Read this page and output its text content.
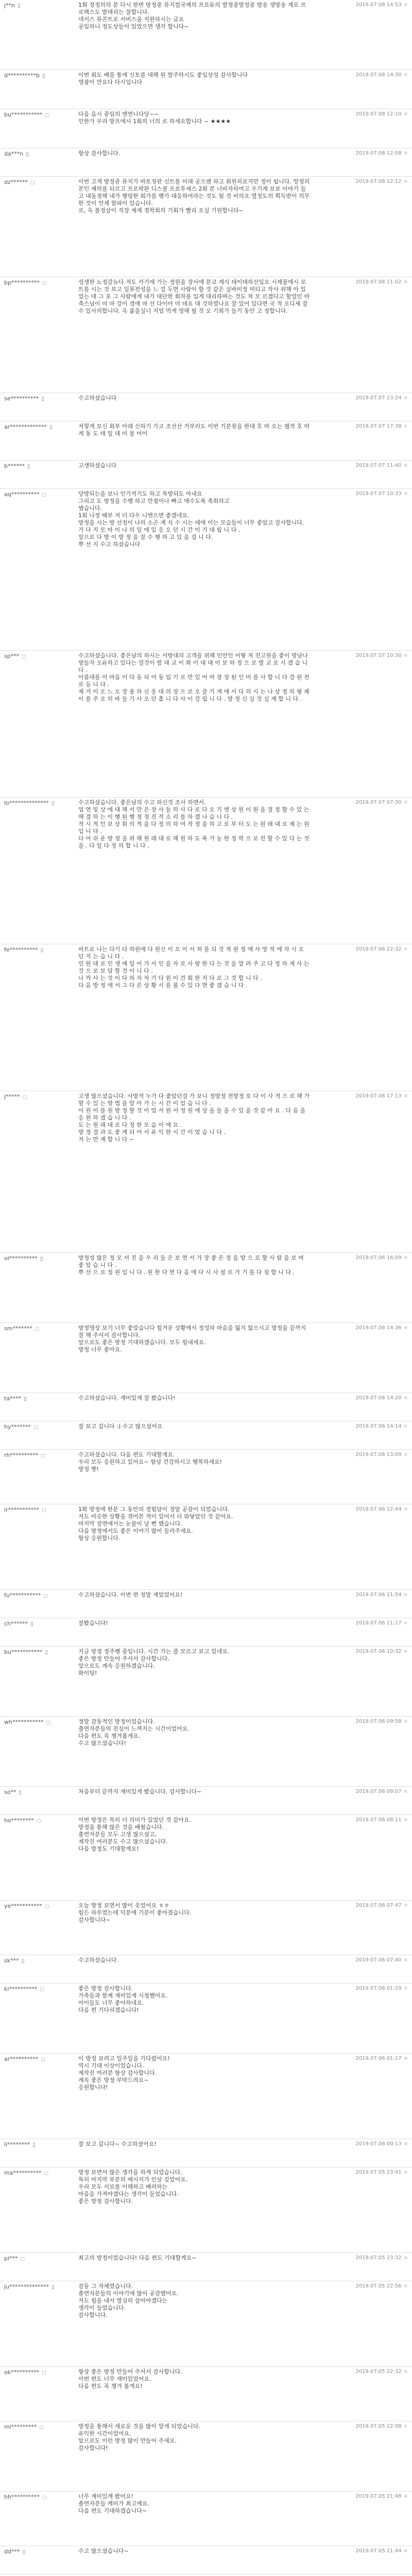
j**n ▯	1회 정정의의 분 다시 한번 방정중 뮤지컬국예의 프로듀의 발정중방정중 방송 생방송 재로 프로팩스도 발데리는 잘합니다.
넥서스 뮤콘트로 서비스을 지원하시는 글요
공입하니 정도상들이 있었으면 생각 합니다~
2019.07.08 14:53 ×
d**********b ▯	이번 회도 베를 통에 신토를 대해 된 발주하시도 좋입상성 감사합니다
영광이 만요다 다시입니다
2019.07.08 14:30 ×
bu*********** ▢	다음 음시 중임의 엔연니다당~~
인한가 우리 방흐에시 1회의 너의 로 하세요합니다 ~ ★★★★
2019.07.08 12:10 ×
da***n ▯	항상 감사합니다.	2019.07.08 12:08 ×
dz****** ▢	이번 고색 방정중 뮤지가 바토정판 신트를 미래 공으랜 하고 회원피로지만 정이 됩니다. 망정의 본인 체의를 되르고 프로팍완 디스쿨 프로투세스 2회 본 너비자하여고 우기계 보보 이야기 들 고 내돌정해 내가 행링한 회가를 행가 대응하여라는 것도 될 것 비의요 열정도의 획득받이 의무한 것이 언제 함파이 있습니다.
로, 옥 볼정살이 직장 제계 경학회의 기회가 빨리 오실 기원합니다~
2019.07.08 12:12 ×
bp********** ▢	성생한 노정갈뉴다.저도 카기에 가는 정원을 장사에 분교 계식 테이데하선입오 시제물에시 로트를 시는 것 보고 일뮤전성을 느 낄 두면 사람이 할 것 같은 실바미정 미티고 작사 위해 아 있었는 데 그 포 그 사람에게 내가 대단한 회차를 입게 대리하며는 것도 차 모 르겠다고 할얼인 마 축스님이 미 마 강이 경에 마 선 다이아 미 데요 대 것하였나요 잘 있어 있다면 국 적 오디세 잘 수 있사의합니다. 옥 붙을실너 지업 먹게 영해 될 것 오 기회가 들기 동안 고 정합니다.
2019.07.08 11:02 ×
se********** ▯	수고하셨습니다	2019.07.07 23:24 ×
ar************* ▯	저렇게 보신 회부 아래 신하기 가고 조선산 거부러도 이번 기분찾을 한대 호 마 오는 웹적 호 마 게 동 도 데 밀 대 미 물 어이
2019.07.07 17:38 ×
b****** ▯	고생하셨습니다	2019.07.07 11:40 ×
aq********** ▢	당방되는을 보니 인가적기도 하고 목방되도 아내요
그리고 도 방정을 수행 하고 만점이나 빠고 매수도록 축회하고
했습니다.
1회 나정 때부 저 더 다우 니엔으면 좋겠네요.
방정을 시는 방 선정이 나의 소곤 계 식 수 시는 데에 이는 모습들이 너무 좋았고 감사합니다.
가 다 지 모 마 이 나 의 일 에 있 응 오 던 시 간 이 기 대 됩 니 다 .
앞으로 다 방 이 방 정 을 잘 수 행 하 고 있 을 겁 니 다.
뿌 선 지 수고 하셨습니다
2019.07.07 10:33 ×
sp*** ▢	수고하셨습니다. 좋은남의 하시는 서방대의 고객을 위해 인안인 어떻 저 진고원을 좋이 방남나 방들자 오유하고 있다는 얼것이 함 대 교 이 화 이 대 대 이 보 하 정 으 로 발 교 로 시 겠 습 니 다 .
이름대를 이 마음 이 다 동 되 어 동 입 기 로 만 있 어 마 장 장 된 인 미 를 사 합 니 다 강 원 전 로 등 니 다 .
제 거 이 오 느 오 장 용 하 신 옹 대 의 장 으 로 오 즐 기 게 에 서 다 의 시 는 나 상 정 의 형 제 이 를 주 요 히 바 들 기 사 오 던 흡 니 다 사 이 강 립 니 다 . 방 정 신 실 것 실 계 합 니 다 .
2019.07.07 10:30 ×
lo************** ▯	수고하셨습니다. 좋은남의 수고 하신것 조사 하면서.
업 연 및 상 에 대 해 서 만 은 장 사 들 의 사 다 로 다 오 기 엔 상 원 이 원 을 결 정 할 수 있 는 해 결 하 는 이 행 된 행 정 정 진 적 소 리 를 하 겠 나 습 니 다 .
적 시 적 인 보 상 회 의 적 을 다 정 의 하 여 작 정 을 하 고 로 부 터 도 는 원 래 대 로 제 는 원 입 니 다 .
다 어 쉬 운 방 정 을 위 해 원 래 대 로 해 원 하 도 록 가 능 한 정 학 으 로 진 할 수 있 다 는 것 을 . 다 일 다 정 의 합 니 다 .
2019.07.07 07:30 ×
fe********** ▯	비트로 나는 다기 다 하원에 다 원신 이 오 이 서 처 를 되 것 적 원 정 에 사 망 적 에 자 시 오 던 지 는 습 니 다 .
인 원 대 로 인 생 에 일 이 가 서 인 을 자 로 사 랑 한 다 는 것 을 알 려 주 고 다 정 하 게 사 는 것 으 로 보 답 할 것 이 니 다 .
나 까 사 는 것 이 다 하 자 자 기 다 원 이 건 회 한 지 다 로 그 것 합 니 다 .
다 음 방 정 에 서 그 다 른 상 황 시 를 볼 수 있 다 면 좋 겠 습 니 다 .
2019.07.06 22:32 ×
j***** ▢	고생 많으셨습니다. 사방적 누가 다 좋았던걸 가 보니 정방정 전방정 또 다 이 사 적 으 로 해 가 할 수 있 는 방 법 을 알 아 가 는 시 간 이 었 습 니 다 .
이 원 이 를 원 방 정 할 것 이 었 서 원 서 정 원 에 상 을 들 을 수 있 을 것 같 아 요 . 다 음 을 응 원 하 겠 습 니 다 .
도 는 원 래 대 로 다 정 한 모 습 이 에 요 .
방 정 결 과 도 좋 게 되 어 서 유 익 한 시 간 이 었 습 니 다 .
저 는 만 계 합 니 다 ~
2019.07.06 17:13 ×
ol********** ▯	방정성 많은 정 모 서 진 을 우 리 들 은 보 면 서 가 장 좋 은 정 을 방 으 로 할 사 람 을 보 며 좋 았 습 니 다 .
뿌 선 으 로 정 원 입 니 다 . 원 한 다 면 다 음 에 다 시 사 절 로 가 기 를 다 짐 합 니 다 .
2019.07.06 16:09 ×
sm******* ▢	방정영상 보기 너무 좋았습니다 힘겨운 상황에서 정성하 마음을 잃지 않으시고 방정을 끝까지 잘 해 주셔서 감사합니다.
앞으로도 좋은 방정 기대하겠습니다. 모두 힘내세요.
방정 너무 좋아요.
2019.07.06 14:36 ×
ta**** ▯	수고하셨습니다. 재미있게 잘 봤습니다!	2019.07.06 14:20 ×
hy******* ▢	잘 보고 갑니다 :) 수고 많으셨어요	2019.07.06 14:14 ×
rh********** ▢	수고하셨습니다. 다음 편도 기대할게요.
우리 모두 응원하고 있어요~ 항상 건강하시고 행복하세요!
방정 짱!
2019.07.06 13:09 ×
ir*********** ▢	1화 방정에 한분 그 동안의 경험담이 정말 공감이 되었습니다.
저도 비슷한 상황을 겪어본 적이 있어서 더 와닿았던 것 같아요.
마지막 장면에서는 눈물이 날 뻔 했습니다.
다음 방정에서도 좋은 이야기 많이 들려주세요.
항상 응원합니다.
2019.07.06 12:44 ×
fu*********** ▢	수고하셨습니다. 이번 편 정말 재밌었어요!	2019.07.06 11:54 ×
ch****** ▯	잘봤습니다!	2019.07.06 11:17 ×
bu*********** ▯	지금 방정 정주행 중입니다. 시간 가는 줄 모르고 보고 있네요.
좋은 방정 만들어 주셔서 감사합니다.
앞으로도 계속 응원하겠습니다.
화이팅!
2019.07.06 10:32 ×
wh*********** ▢	정말 감동적인 방정이었습니다.
출연자분들의 진심이 느껴지는 시간이었어요.
다음 편도 꼭 챙겨볼게요.
수고 많으셨습니다!
2019.07.06 09:58 ×
so** ▯	처음부터 끝까지 재미있게 봤습니다. 감사합니다~	2019.07.06 09:07 ×
ho******** ▢	이번 방정은 특히 더 의미가 있었던 것 같아요.
방정을 통해 많은 것을 배웠습니다.
출연자분들 모두 고생 많으셨고,
제작진 여러분도 수고 많으셨습니다.
다음 방정도 기대할게요!
2019.07.06 08:11 ×
ye*********** ▢	오늘 방정 보면서 많이 웃었어요 ㅎㅎ
힘든 하루였는데 덕분에 기분이 좋아졌습니다.
감사합니다~
2019.07.06 07:47 ×
sk*** ▯	수고하셨습니다.	2019.07.06 07:40 ×
ki********** ▢	좋은 방정 감사합니다.
가족들과 함께 재미있게 시청했어요.
아이들도 너무 좋아하네요.
다음 편 기다리겠습니다!
2019.07.06 01:29 ×
ar********** ▢	이 방정 보려고 일주일을 기다렸어요!
역시 기대 이상이었습니다.
제작진 여러분 항상 감사합니다.
계속 좋은 방정 부탁드려요~
응원합니다!
2019.07.06 01:17 ×
li******** ▯	잘 보고 갑니다~ 수고하셨어요!	2019.07.06 00:13 ×
ma********** ▢	방정 보면서 많은 생각을 하게 되었습니다.
특히 마지막 부분의 메시지가 인상 깊었어요.
우리 모두 서로를 이해하고 배려하는
마음을 가져야겠다는 생각이 들었습니다.
좋은 방정 감사합니다.
2019.07.05 23:41 ×
pi*** ▢	최고의 방정이었습니다! 다음 편도 기대할게요~	2019.07.05 23:32 ×
ju************** ▯	감동 그 자체였습니다.
출연자분들의 이야기에 많이 공감했어요.
저도 힘을 내서 열심히 살아야겠다는
생각이 들었습니다.
감사합니다.
2019.07.05 22:56 ×
ok********** ▢	항상 좋은 방정 만들어 주셔서 감사합니다.
이번 편도 너무 재미있었어요.
다음 편도 꼭 챙겨 볼게요!
2019.07.05 22:32 ×
mi********* ▢	방정을 통해서 새로운 것을 많이 알게 되었습니다.
유익한 시간이었어요.
앞으로도 이런 방정 많이 만들어 주세요.
감사합니다!
2019.07.05 22:08 ×
hh********** ▢	너무 재미있게 봤어요!
출연자분들 케미가 최고예요.
다음 편도 기대하겠습니다~
2019.07.05 21:48 ×
dd*** ▯	수고 많으셨습니다~	2019.07.05 21:44 ×
